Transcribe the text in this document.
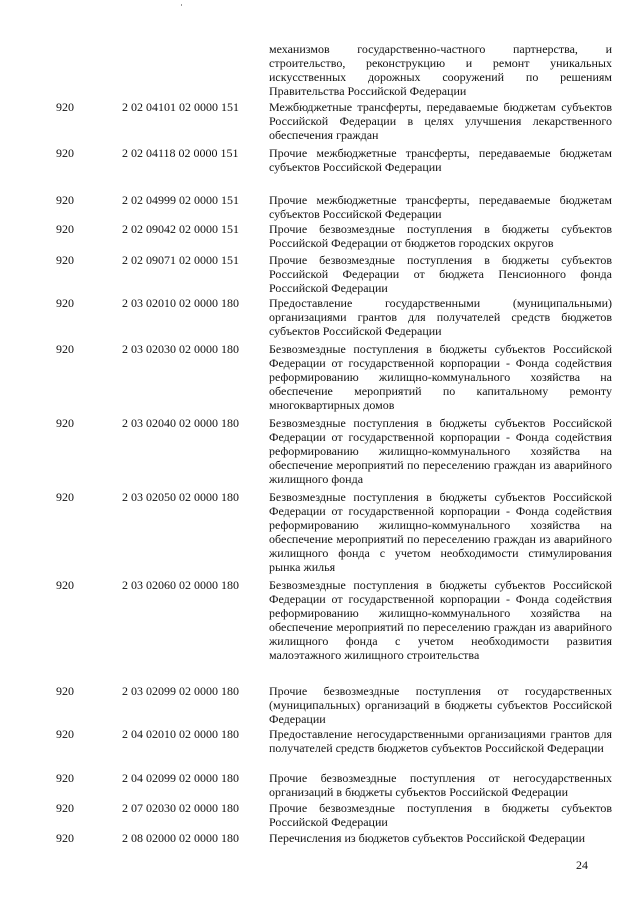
механизмов государственно-частного партнерства, и строительство, реконструкцию и ремонт уникальных искусственных дорожных сооружений по решениям Правительства Российской Федерации
920	2 02 04101 02 0000 151	Межбюджетные трансферты, передаваемые бюджетам субъектов Российской Федерации в целях улучшения лекарственного обеспечения граждан
920	2 02 04118 02 0000 151	Прочие межбюджетные трансферты, передаваемые бюджетам субъектов Российской Федерации
920	2 02 04999 02 0000 151	Прочие межбюджетные трансферты, передаваемые бюджетам субъектов Российской Федерации
920	2 02 09042 02 0000 151	Прочие безвозмездные поступления в бюджеты субъектов Российской Федерации от бюджетов городских округов
920	2 02 09071 02 0000 151	Прочие безвозмездные поступления в бюджеты субъектов Российской Федерации от бюджета Пенсионного фонда Российской Федерации
920	2 03 02010 02 0000 180	Предоставление государственными (муниципальными) организациями грантов для получателей средств бюджетов субъектов Российской Федерации
920	2 03 02030 02 0000 180	Безвозмездные поступления в бюджеты субъектов Российской Федерации от государственной корпорации - Фонда содействия реформированию жилищно-коммунального хозяйства на обеспечение мероприятий по капитальному ремонту многоквартирных домов
920	2 03 02040 02 0000 180	Безвозмездные поступления в бюджеты субъектов Российской Федерации от государственной корпорации - Фонда содействия реформированию жилищно-коммунального хозяйства на обеспечение мероприятий по переселению граждан из аварийного жилищного фонда
920	2 03 02050 02 0000 180	Безвозмездные поступления в бюджеты субъектов Российской Федерации от государственной корпорации - Фонда содействия реформированию жилищно-коммунального хозяйства на обеспечение мероприятий по переселению граждан из аварийного жилищного фонда с учетом необходимости стимулирования рынка жилья
920	2 03 02060 02 0000 180	Безвозмездные поступления в бюджеты субъектов Российской Федерации от государственной корпорации - Фонда содействия реформированию жилищно-коммунального хозяйства на обеспечение мероприятий по переселению граждан из аварийного жилищного фонда с учетом необходимости развития малоэтажного жилищного строительства
920	2 03 02099 02 0000 180	Прочие безвозмездные поступления от государственных (муниципальных) организаций в бюджеты субъектов Российской Федерации
920	2 04 02010 02 0000 180	Предоставление негосударственными организациями грантов для получателей средств бюджетов субъектов Российской Федерации
920	2 04 02099 02 0000 180	Прочие безвозмездные поступления от негосударственных организаций в бюджеты субъектов Российской Федерации
920	2 07 02030 02 0000 180	Прочие безвозмездные поступления в бюджеты субъектов Российской Федерации
920	2 08 02000 02 0000 180	Перечисления из бюджетов субъектов Российской Федерации
24
